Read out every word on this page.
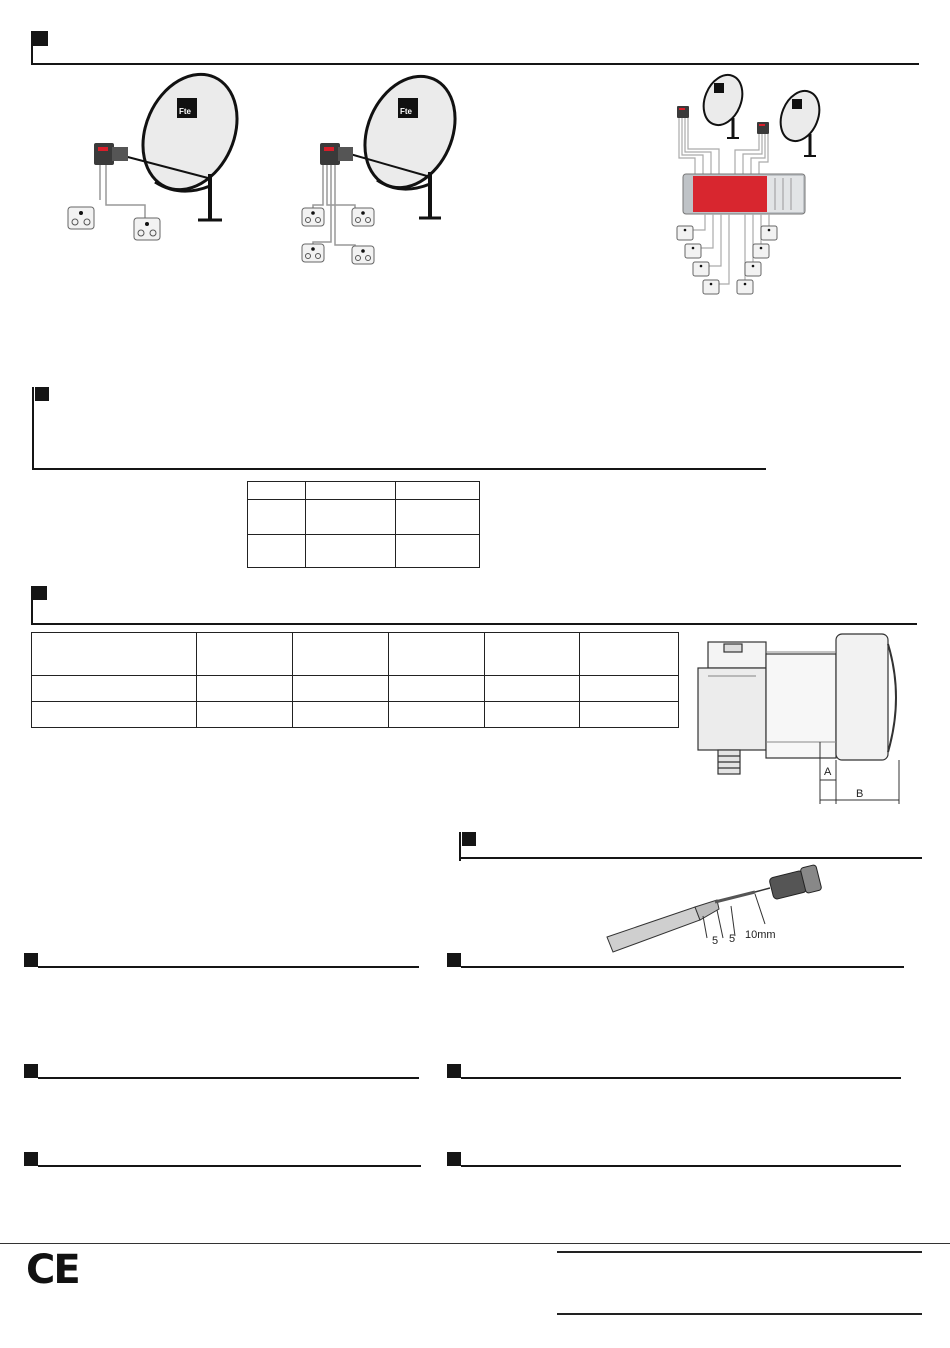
Fte	Fte

A
B
5 5 10mm
CE
